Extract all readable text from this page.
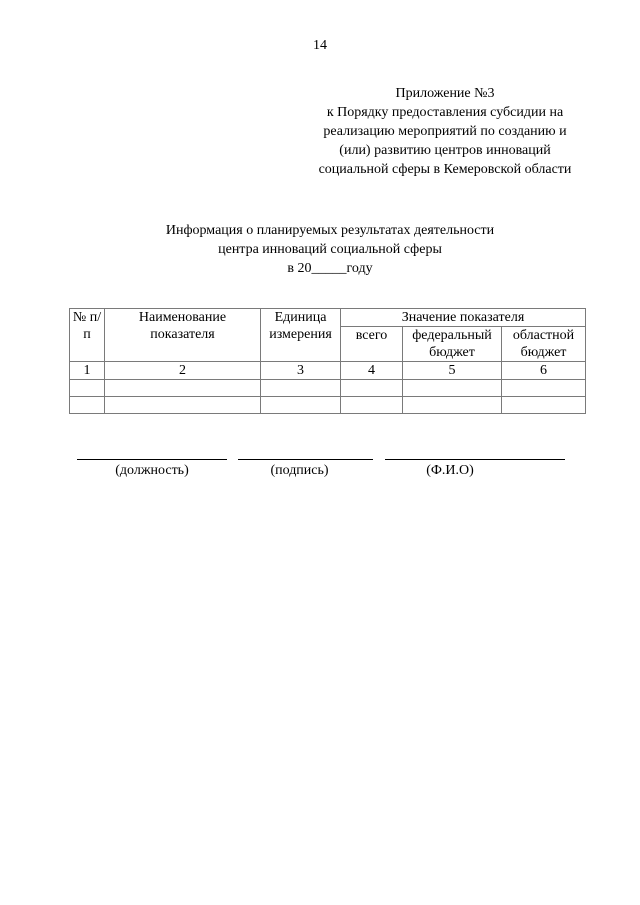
14
Приложение №3
к Порядку предоставления субсидии на
реализацию мероприятий по созданию и
(или) развитию центров инноваций
социальной сферы в Кемеровской области
Информация о планируемых результатах деятельности
центра инноваций социальной сферы
в 20_____году
№ п/п	Наименование показателя	Единица измерения	Значение показателя		
			всего	федеральный бюджет	областной бюджет
1	2	3	4	5	6

(должность)	(подпись)	(Ф.И.О)
